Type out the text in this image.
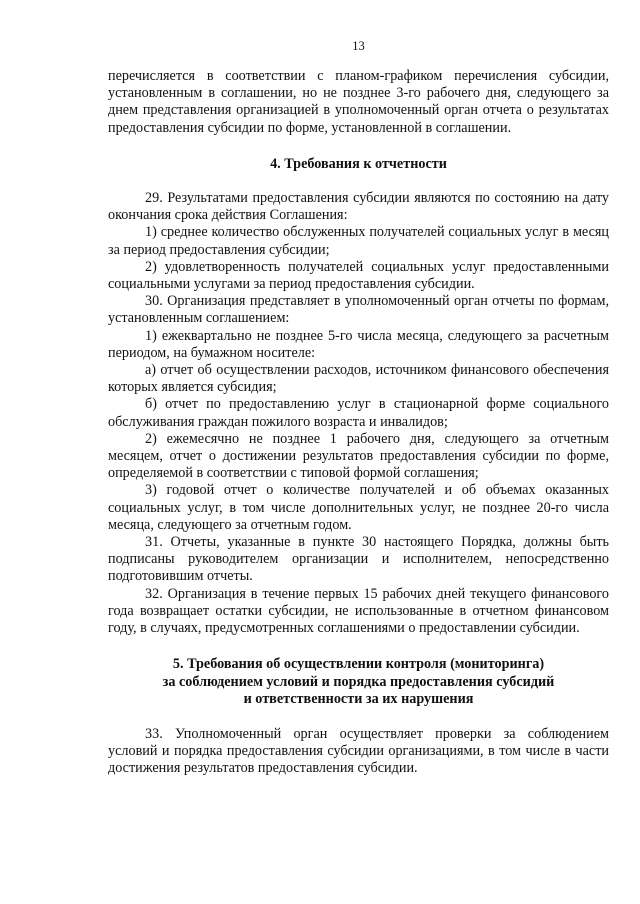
13

перечисляется в соответствии с планом-графиком перечисления субсидии, установленным в соглашении, но не позднее 3-го рабочего дня, следующего за днем представления организацией в уполномоченный орган отчета о результатах предоставления субсидии по форме, установленной в соглашении.

4. Требования к отчетности

29. Результатами предоставления субсидии являются по состоянию на дату окончания срока действия Соглашения:

1) среднее количество обслуженных получателей социальных услуг в месяц за период предоставления субсидии;

2) удовлетворенность получателей социальных услуг предоставленными социальными услугами за период предоставления субсидии.

30. Организация представляет в уполномоченный орган отчеты по формам, установленным соглашением:

1) ежеквартально не позднее 5-го числа месяца, следующего за расчетным периодом, на бумажном носителе:

а) отчет об осуществлении расходов, источником финансового обеспечения которых является субсидия;

б) отчет по предоставлению услуг в стационарной форме социального обслуживания граждан пожилого возраста и инвалидов;

2) ежемесячно не позднее 1 рабочего дня, следующего за отчетным месяцем, отчет о достижении результатов предоставления субсидии по форме, определяемой в соответствии с типовой формой соглашения;

3) годовой отчет о количестве получателей и об объемах оказанных социальных услуг, в том числе дополнительных услуг, не позднее 20-го числа месяца, следующего за отчетным годом.

31. Отчеты, указанные в пункте 30 настоящего Порядка, должны быть подписаны руководителем организации и исполнителем, непосредственно подготовившим отчеты.

32. Организация в течение первых 15 рабочих дней текущего финансового года возвращает остатки субсидии, не использованные в отчетном финансовом году, в случаях, предусмотренных соглашениями о предоставлении субсидии.

5. Требования об осуществлении контроля (мониторинга)

за соблюдением условий и порядка предоставления субсидий

и ответственности за их нарушения

33. Уполномоченный орган осуществляет проверки за соблюдением условий и порядка предоставления субсидии организациями, в том числе в части достижения результатов предоставления субсидии.
